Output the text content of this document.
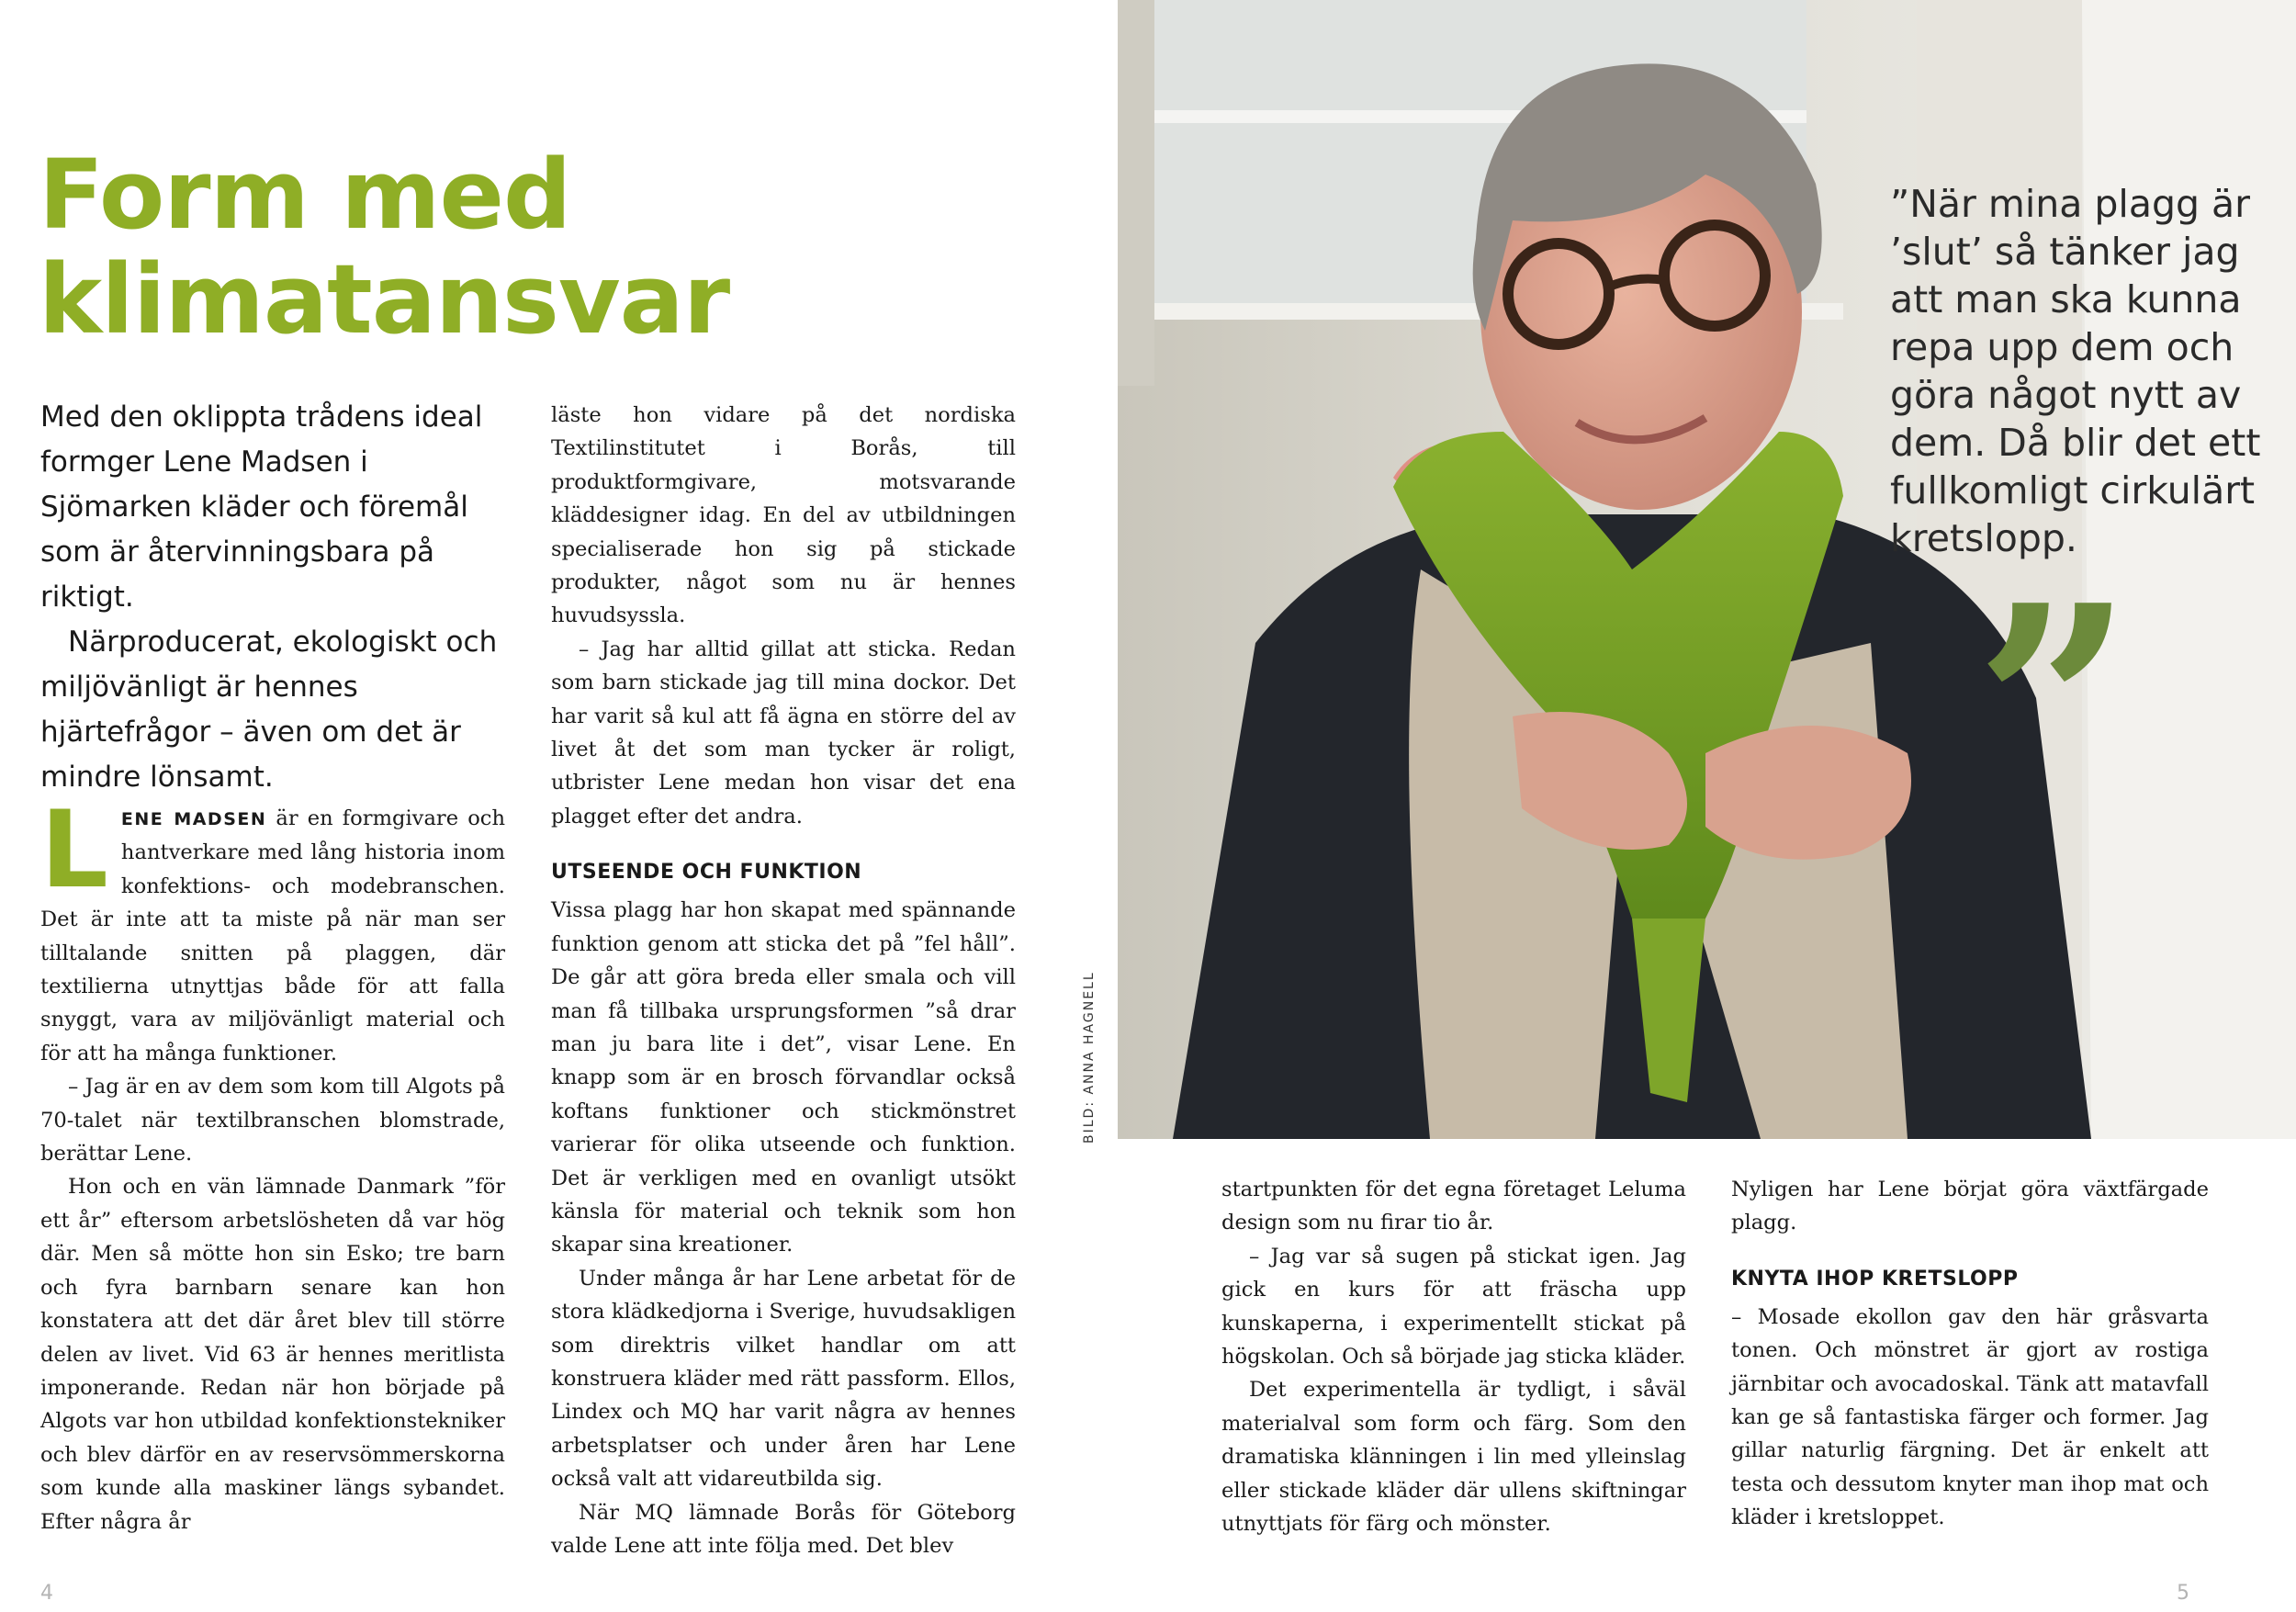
Form med
klimatansvar

Med den oklippta trådens ideal formger Lene Madsen i Sjömarken kläder och föremål som är återvinningsbara på riktigt.

Närproducerat, ekologiskt och miljövänligt är hennes hjärtefrågor – även om det är mindre lönsamt.

LENE MADSEN är en formgivare och hantverkare med lång historia inom konfektions- och modebranschen. Det är inte att ta miste på när man ser tilltalande snitten på plaggen, där textilierna utnyttjas både för att falla snyggt, vara av miljövänligt material och för att ha många funktioner.

– Jag är en av dem som kom till Algots på 70-talet när textilbranschen blomstrade, berättar Lene.

Hon och en vän lämnade Danmark ”för ett år” eftersom arbetslösheten då var hög där. Men så mötte hon sin Esko; tre barn och fyra barnbarn senare kan hon konstatera att det där året blev till större delen av livet. Vid 63 är hennes meritlista imponerande. Redan när hon började på Algots var hon utbildad konfektionstekniker och blev därför en av reservsömmerskorna som kunde alla maskiner längs sybandet. Efter några år

läste hon vidare på det nordiska Textilinstitutet i Borås, till produktformgivare, motsvarande kläddesigner idag. En del av utbildningen specialiserade hon sig på stickade produkter, något som nu är hennes huvudsyssla.

– Jag har alltid gillat att sticka. Redan som barn stickade jag till mina dockor. Det har varit så kul att få ägna en större del av livet åt det som man tycker är roligt, utbrister Lene medan hon visar det ena plagget efter det andra.

UTSEENDE OCH FUNKTION

Vissa plagg har hon skapat med spännande funktion genom att sticka det på ”fel håll”. De går att göra breda eller smala och vill man få tillbaka ursprungsformen ”så drar man ju bara lite i det”, visar Lene. En knapp som är en brosch förvandlar också koftans funktioner och stickmönstret varierar för olika utseende och funktion. Det är verkligen med en ovanligt utsökt känsla för material och teknik som hon skapar sina kreationer.

Under många år har Lene arbetat för de stora klädkedjorna i Sverige, huvudsakligen som direktris vilket handlar om att konstruera kläder med rätt passform. Ellos, Lindex och MQ har varit några av hennes arbetsplatser och under åren har Lene också valt att vidareutbilda sig.

När MQ lämnade Borås för Göteborg valde Lene att inte följa med. Det blev

BILD: ANNA HAGNELL

”När mina plagg är ’slut’ så tänker jag att man ska kunna repa upp dem och göra något nytt av dem. Då blir det ett fullkomligt cirkulärt kretslopp.

”

startpunkten för det egna företaget Leluma design som nu firar tio år.

– Jag var så sugen på stickat igen. Jag gick en kurs för att fräscha upp kunskaperna, i experimentellt stickat på högskolan. Och så började jag sticka kläder.

Det experimentella är tydligt, i såväl materialval som form och färg. Som den dramatiska klänningen i lin med ylleinslag eller stickade kläder där ullens skiftningar utnyttjats för färg och mönster.

Nyligen har Lene börjat göra växtfärgade plagg.

KNYTA IHOP KRETSLOPP

– Mosade ekollon gav den här gråsvarta tonen. Och mönstret är gjort av rostiga järnbitar och avocadoskal. Tänk att matavfall kan ge så fantastiska färger och former. Jag gillar naturlig färgning. Det är enkelt att testa och dessutom knyter man ihop mat och kläder i kretsloppet.

4	5
